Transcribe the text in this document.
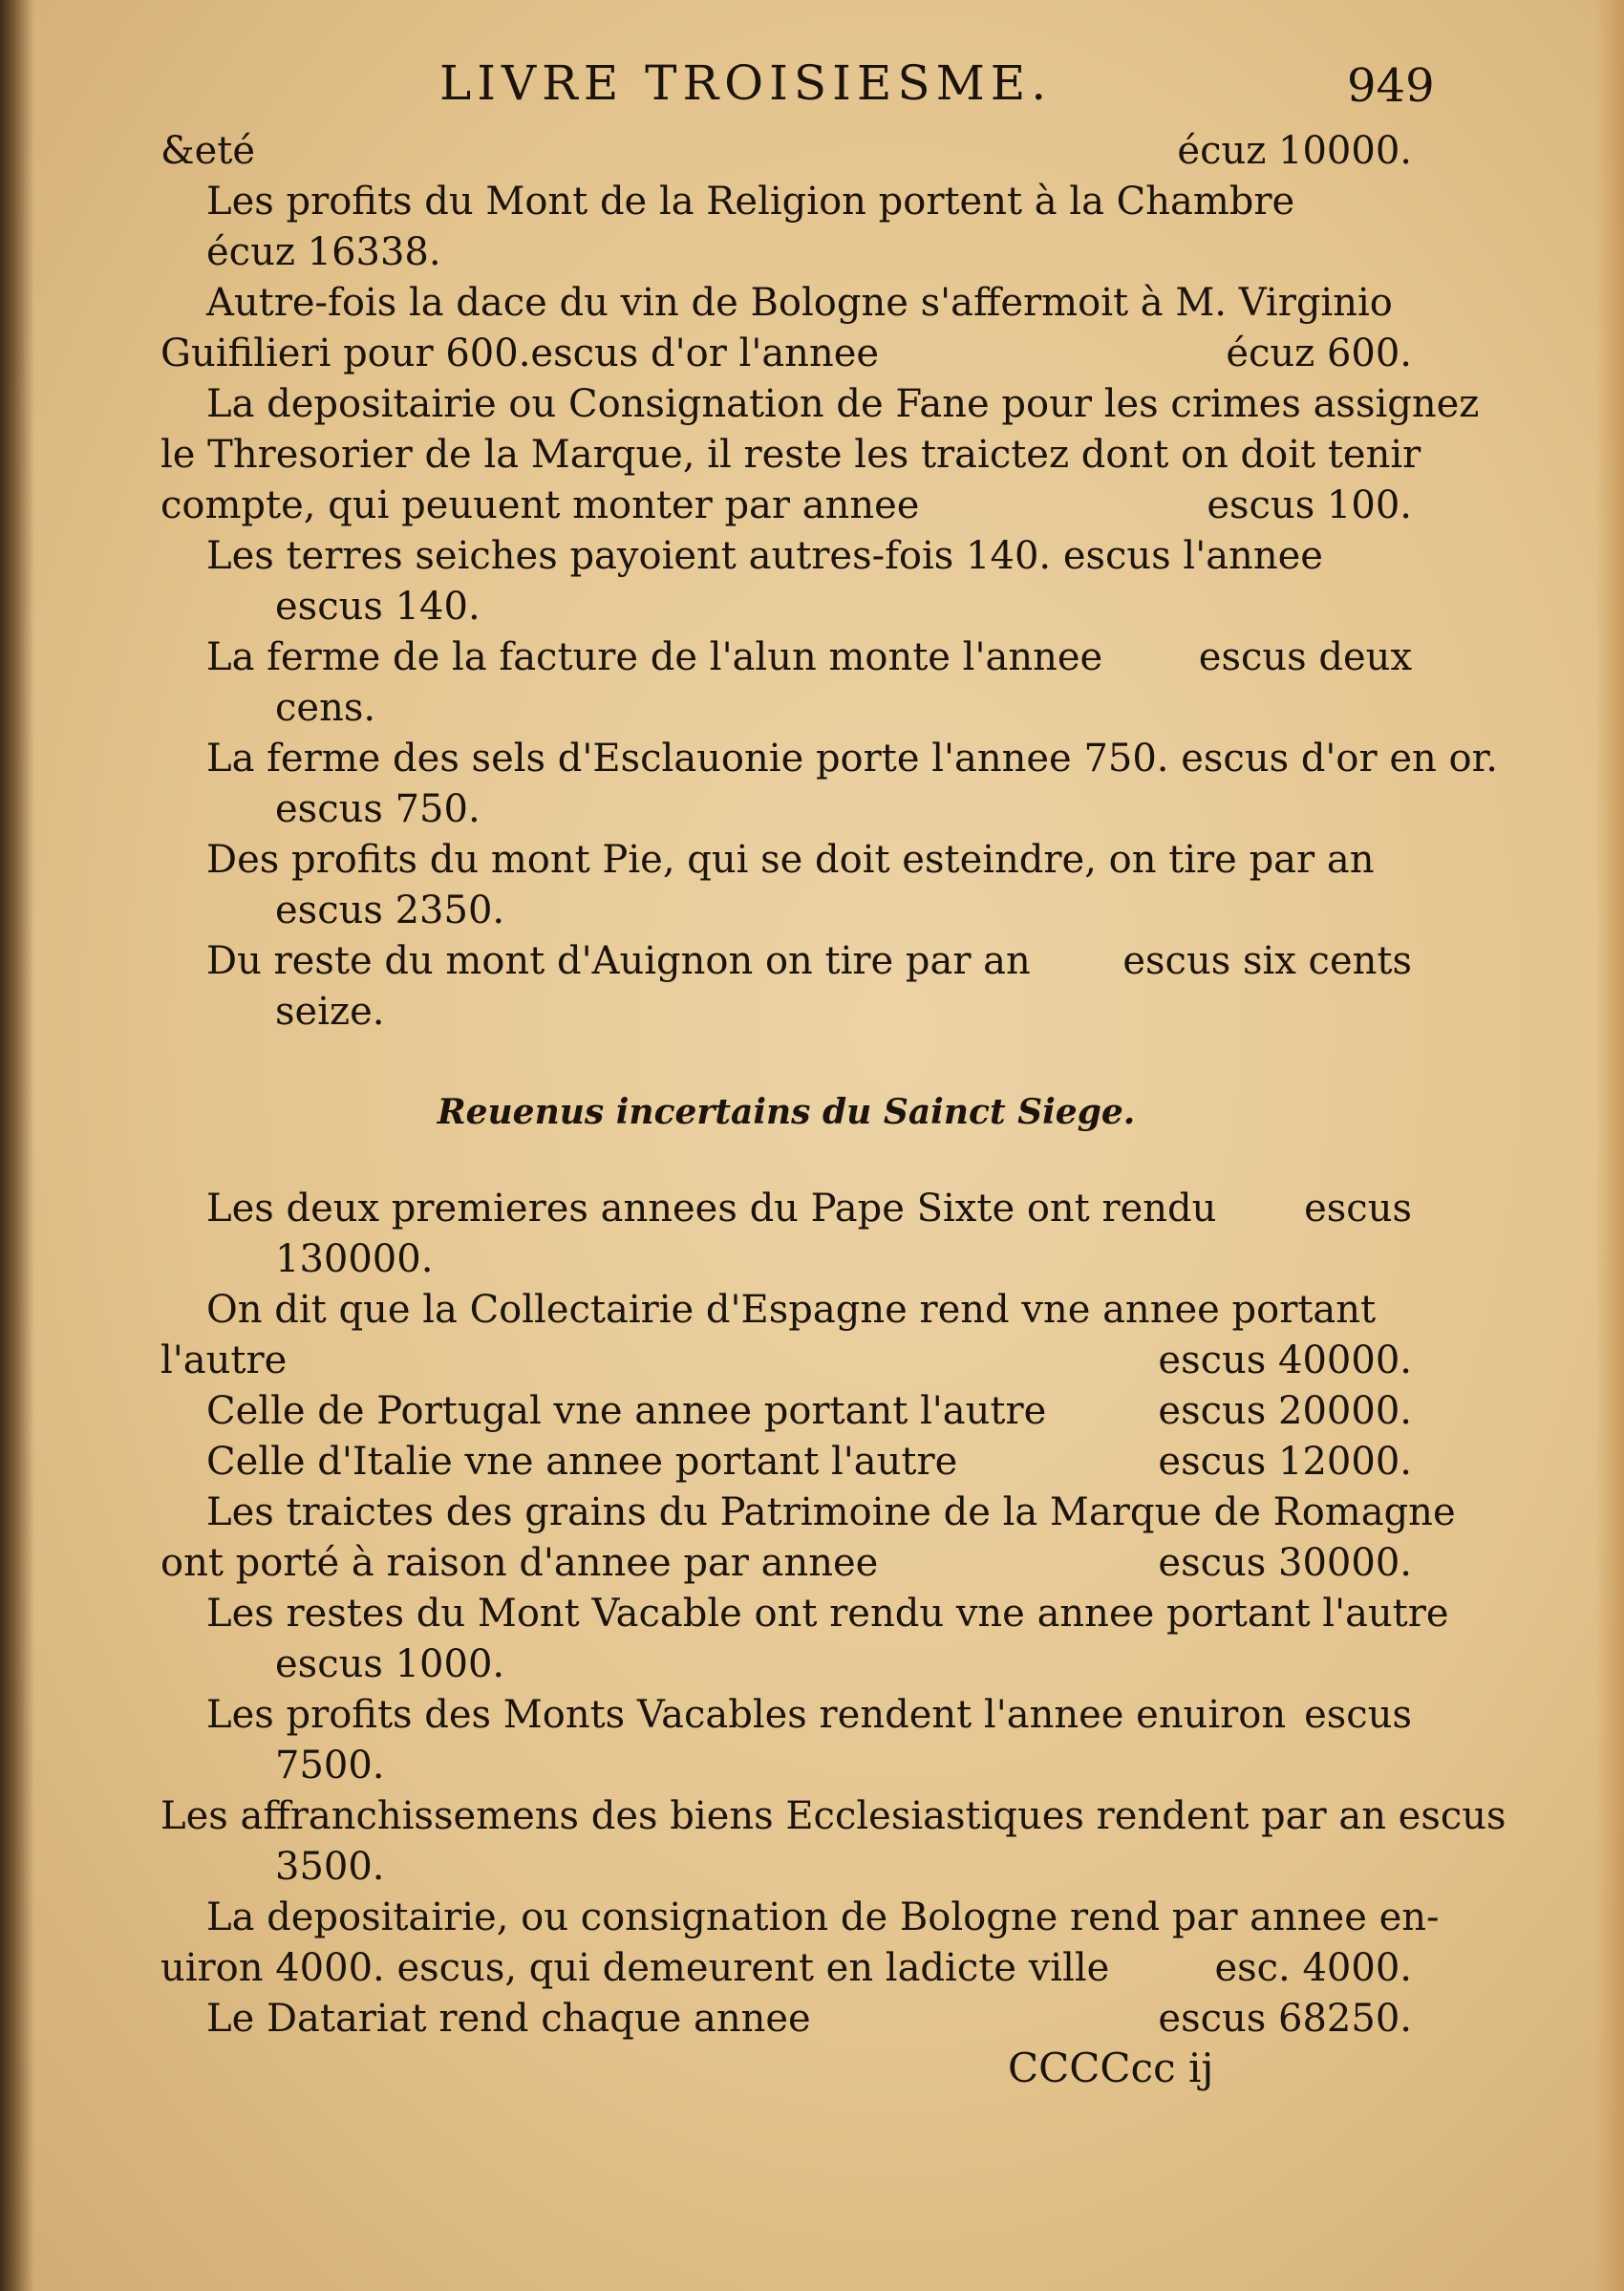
LIVRE TROISIESME.	949
&eté	écuz 10000.
Les profits du Mont de la Religion portent à la Chambre
écuz 16338.
Autre-fois la dace du vin de Bologne s'affermoit à M. Virginio
Guifilieri pour 600.escus d'or l'annee	écuz 600.
La depositairie ou Consignation de Fane pour les crimes assignez
le Thresorier de la Marque, il reste les traictez dont on doit tenir
compte, qui peuuent monter par annee	escus 100.
Les terres seiches payoient autres-fois 140. escus l'annee
escus 140.
La ferme de la facture de l'alun monte l'annee	escus deux
cens.
La ferme des sels d'Esclauonie porte l'annee 750. escus d'or en or.
escus 750.
Des profits du mont Pie, qui se doit esteindre, on tire par an
escus 2350.
Du reste du mont d'Auignon on tire par an escus six cents
seize.
Reuenus incertains du Sainct Siege.
Les deux premieres annees du Pape Sixte ont rendu escus
130000.
On dit que la Collectairie d'Espagne rend vne annee portant
l'autre	escus 40000.
Celle de Portugal vne annee portant l'autre	escus 20000.
Celle d'Italie vne annee portant l'autre	escus 12000.
Les traictes des grains du Patrimoine de la Marque de Romagne
ont porté à raison d'annee par annee	escus 30000.
Les restes du Mont Vacable ont rendu vne annee portant l'autre
escus 1000.
Les profits des Monts Vacables rendent l'annee enuiron escus
7500.
Les affranchissemens des biens Ecclesiastiques rendent par an escus
3500.
La depositairie, ou consignation de Bologne rend par annee en-
uiron 4000. escus, qui demeurent en ladicte ville	esc. 4000.
Le Datariat rend chaque annee	escus 68250.
CCCCcc ij
